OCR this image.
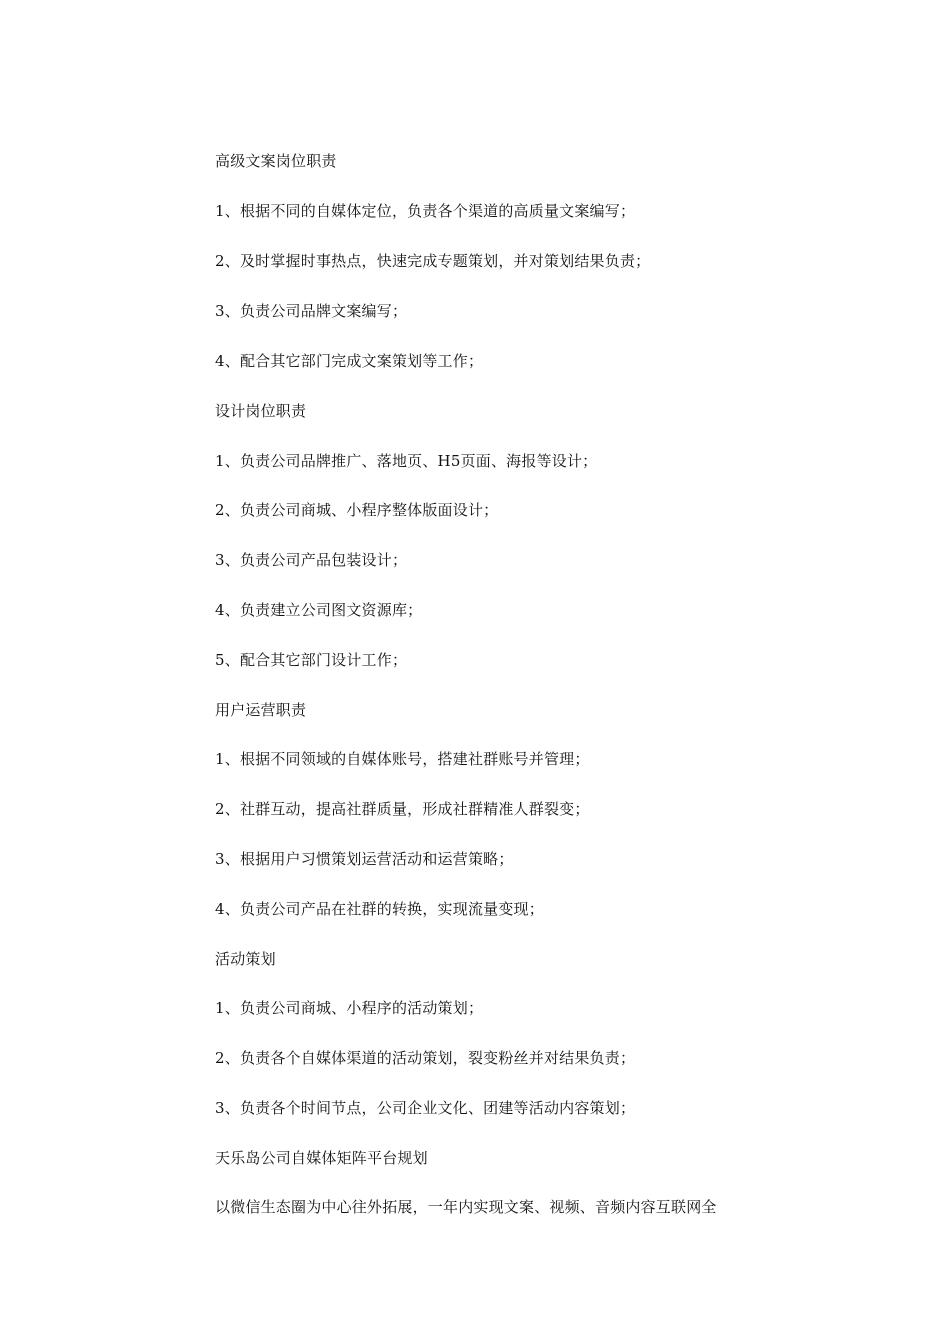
高级文案岗位职责
1、根据不同的自媒体定位，负责各个渠道的高质量文案编写；
2、及时掌握时事热点，快速完成专题策划，并对策划结果负责；
3、负责公司品牌文案编写；
4、配合其它部门完成文案策划等工作；
设计岗位职责
1、负责公司品牌推广、落地页、H5页面、海报等设计；
2、负责公司商城、小程序整体版面设计；
3、负责公司产品包装设计；
4、负责建立公司图文资源库；
5、配合其它部门设计工作；
用户运营职责
1、根据不同领域的自媒体账号，搭建社群账号并管理；
2、社群互动，提高社群质量，形成社群精准人群裂变；
3、根据用户习惯策划运营活动和运营策略；
4、负责公司产品在社群的转换，实现流量变现；
活动策划
1、负责公司商城、小程序的活动策划；
2、负责各个自媒体渠道的活动策划，裂变粉丝并对结果负责；
3、负责各个时间节点，公司企业文化、团建等活动内容策划；
天乐岛公司自媒体矩阵平台规划
以微信生态圈为中心往外拓展，一年内实现文案、视频、音频内容互联网全
